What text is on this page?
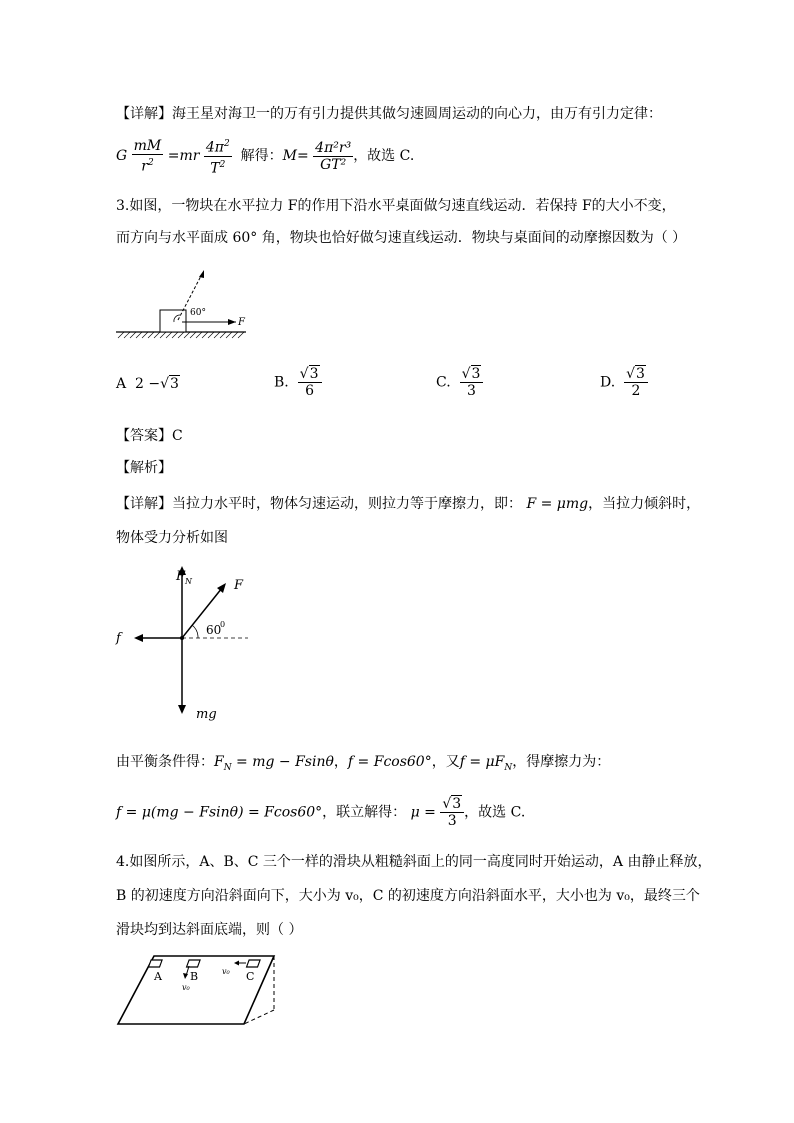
【详解】海王星对海卫一的万有引力提供其做匀速圆周运动的向心力，由万有引力定律：
G $\frac{mM}{r^2} =mr \frac{4\pi^2}{T^2}$ 解得：$M= \frac{\text{4π²r³}}{\text{GT²}}$ ，故选 C.
3.如图，一物块在水平拉力 F的作用下沿水平桌面做匀速直线运动．若保持 F的大小不变，
而方向与水平面成 60° 角，物块也恰好做匀速直线运动．物块与桌面间的动摩擦因数为（ ）
60°
F
A 2 −√3	B. $\frac{√3}{6}$	C. $\frac{√3}{3}$	D. $\frac{√3}{2}$
【答案】C
【解析】
【详解】当拉力水平时，物体匀速运动，则拉力等于摩擦力，即： F = μmg，当拉力倾斜时，
物体受力分析如图
F N	F
f
mg
60
0
由平衡条件得：$F_N$ = mg − Fsinθ，f = Fcos60°，又$f = \mu F_N$，得摩擦力为：
f = μ(mg − Fsinθ) = Fcos60°，联立解得： $\mu = \frac{√3}{3}$ ，故选 C.
4.如图所示，A、B、C 三个一样的滑块从粗糙斜面上的同一高度同时开始运动，A 由静止释放，
B 的初速度方向沿斜面向下，大小为 v₀，C 的初速度方向沿斜面水平，大小也为 v₀，最终三个
滑块均到达斜面底端，则（ ）
A	B	C
v₀
v₀
